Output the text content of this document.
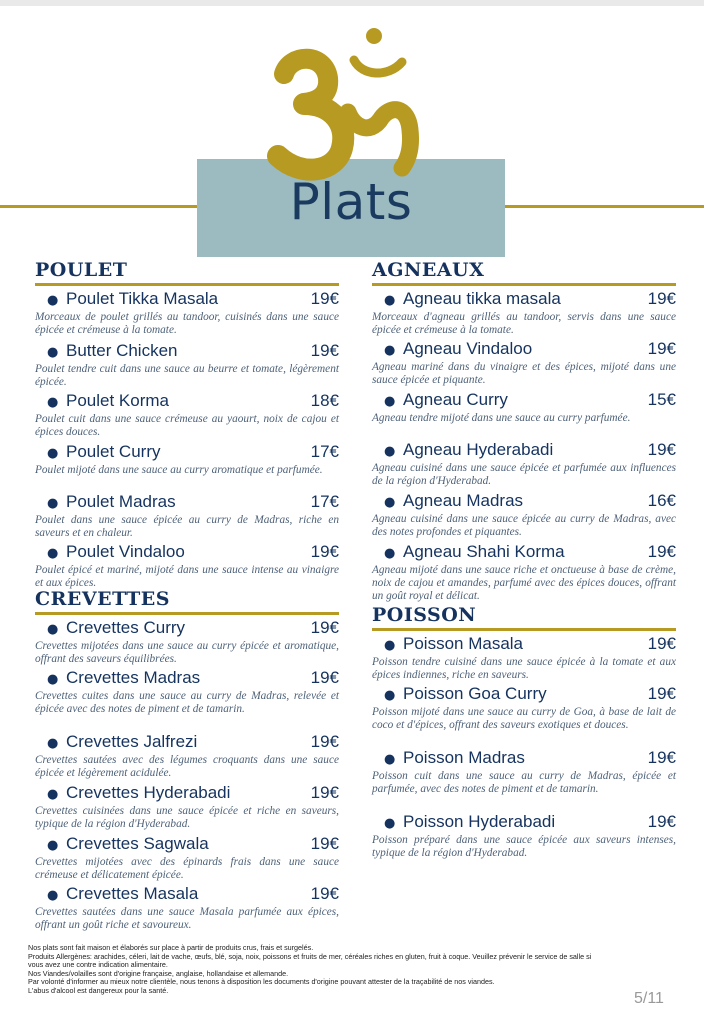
Plats
POULET
● Poulet Tikka Masala	19€

Morceaux de poulet grillés au tandoor, cuisinés dans une sauce épicée et crémeuse à la tomate.

● Butter Chicken	19€

Poulet tendre cuit dans une sauce au beurre et tomate, légèrement épicée.

● Poulet Korma	18€

Poulet cuit dans une sauce crémeuse au yaourt, noix de cajou et épices douces.

● Poulet Curry	17€

Poulet mijoté dans une sauce au curry aromatique et parfumée.

● Poulet Madras	17€

Poulet dans une sauce épicée au curry de Madras, riche en saveurs et en chaleur.

● Poulet Vindaloo	19€

Poulet épicé et mariné, mijoté dans une sauce intense au vinaigre et aux épices.

CREVETTES
● Crevettes Curry	19€

Crevettes mijotées dans une sauce au curry épicée et aromatique, offrant des saveurs équilibrées.

● Crevettes Madras	19€

Crevettes cuites dans une sauce au curry de Madras, relevée et épicée avec des notes de piment et de tamarin.

● Crevettes Jalfrezi	19€

Crevettes sautées avec des légumes croquants dans une sauce épicée et légèrement acidulée.

● Crevettes Hyderabadi	19€

Crevettes cuisinées dans une sauce épicée et riche en saveurs, typique de la région d'Hyderabad.

● Crevettes Sagwala	19€

Crevettes mijotées avec des épinards frais dans une sauce crémeuse et délicatement épicée.

● Crevettes Masala	19€

Crevettes sautées dans une sauce Masala parfumée aux épices, offrant un goût riche et savoureux.

AGNEAUX
● Agneau tikka masala	19€

Morceaux d'agneau grillés au tandoor, servis dans une sauce épicée et crémeuse à la tomate.

● Agneau Vindaloo	19€

Agneau mariné dans du vinaigre et des épices, mijoté dans une sauce épicée et piquante.

● Agneau Curry	15€

Agneau tendre mijoté dans une sauce au curry parfumée.

● Agneau Hyderabadi	19€

Agneau cuisiné dans une sauce épicée et parfumée aux influences de la région d'Hyderabad.

● Agneau Madras	16€

Agneau cuisiné dans une sauce épicée au curry de Madras, avec des notes profondes et piquantes.

● Agneau Shahi Korma	19€

Agneau mijoté dans une sauce riche et onctueuse à base de crème, noix de cajou et amandes, parfumé avec des épices douces, offrant un goût royal et délicat.

POISSON
● Poisson Masala	19€

Poisson tendre cuisiné dans une sauce épicée à la tomate et aux épices indiennes, riche en saveurs.

● Poisson Goa Curry	19€

Poisson mijoté dans une sauce au curry de Goa, à base de lait de coco et d'épices, offrant des saveurs exotiques et douces.

● Poisson Madras	19€

Poisson cuit dans une sauce au curry de Madras, épicée et parfumée, avec des notes de piment et de tamarin.

● Poisson Hyderabadi	19€

Poisson préparé dans une sauce épicée aux saveurs intenses, typique de la région d'Hyderabad.

Nos plats sont fait maison et élaborés sur place à partir de produits crus, frais et surgelés.
Produits Allergènes: arachides, céleri, lait de vache, œufs, blé, soja, noix, poissons et fruits de mer, céréales riches en gluten, fruit à coque. Veuillez prévenir le service de salle si
vous avez une contre indication alimentaire.
Nos Viandes/volailles sont d'origine française, anglaise, hollandaise et allemande.
Par volonté d'informer au mieux notre clientèle, nous tenons à disposition les documents d'origine pouvant attester de la traçabilité de nos viandes.
L'abus d'alcool est dangereux pour la santé.	5/11
